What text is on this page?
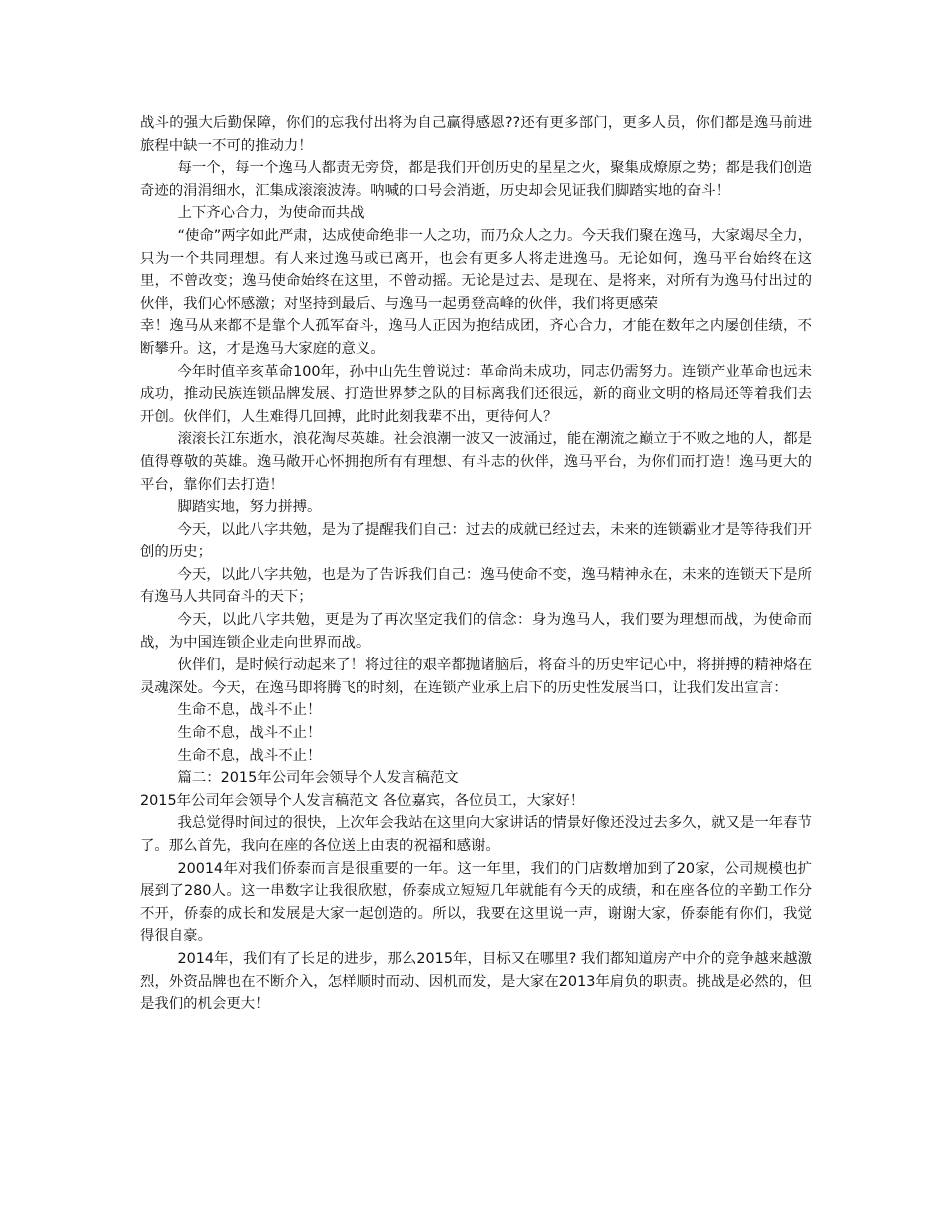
战斗的强大后勤保障，你们的忘我付出将为自己赢得感恩??还有更多部门，更多人员，你们都是逸马前进旅程中缺一不可的推动力！

每一个，每一个逸马人都责无旁贷，都是我们开创历史的星星之火，聚集成燎原之势；都是我们创造奇迹的涓涓细水，汇集成滚滚波涛。呐喊的口号会消逝，历史却会见证我们脚踏实地的奋斗！

上下齐心合力，为使命而共战

“使命”两字如此严肃，达成使命绝非一人之功，而乃众人之力。今天我们聚在逸马，大家竭尽全力，只为一个共同理想。有人来过逸马或已离开，也会有更多人将走进逸马。无论如何，逸马平台始终在这里，不曾改变；逸马使命始终在这里，不曾动摇。无论是过去、是现在、是将来，对所有为逸马付出过的伙伴，我们心怀感激；对坚持到最后、与逸马一起勇登高峰的伙伴，我们将更感荣

幸！逸马从来都不是靠个人孤军奋斗，逸马人正因为抱结成团，齐心合力，才能在数年之内屡创佳绩，不断攀升。这，才是逸马大家庭的意义。

今年时值辛亥革命100年，孙中山先生曾说过：革命尚未成功，同志仍需努力。连锁产业革命也远未成功，推动民族连锁品牌发展、打造世界梦之队的目标离我们还很远，新的商业文明的格局还等着我们去开创。伙伴们，人生难得几回搏，此时此刻我辈不出，更待何人？

滚滚长江东逝水，浪花淘尽英雄。社会浪潮一波又一波涌过，能在潮流之巅立于不败之地的人，都是值得尊敬的英雄。逸马敞开心怀拥抱所有有理想、有斗志的伙伴，逸马平台，为你们而打造！逸马更大的平台，靠你们去打造！

脚踏实地，努力拼搏。

今天，以此八字共勉，是为了提醒我们自己：过去的成就已经过去，未来的连锁霸业才是等待我们开创的历史；

今天，以此八字共勉，也是为了告诉我们自己：逸马使命不变，逸马精神永在，未来的连锁天下是所有逸马人共同奋斗的天下；

今天，以此八字共勉，更是为了再次坚定我们的信念：身为逸马人，我们要为理想而战，为使命而战，为中国连锁企业走向世界而战。

伙伴们，是时候行动起来了！将过往的艰辛都抛诸脑后，将奋斗的历史牢记心中，将拼搏的精神烙在灵魂深处。今天，在逸马即将腾飞的时刻，在连锁产业承上启下的历史性发展当口，让我们发出宣言：

生命不息，战斗不止！

生命不息，战斗不止！

生命不息，战斗不止！

篇二：2015年公司年会领导个人发言稿范文

2015年公司年会领导个人发言稿范文 各位嘉宾，各位员工，大家好！

我总觉得时间过的很快，上次年会我站在这里向大家讲话的情景好像还没过去多久，就又是一年春节了。那么首先，我向在座的各位送上由衷的祝福和感谢。

20014年对我们侨泰而言是很重要的一年。这一年里，我们的门店数增加到了20家，公司规模也扩展到了280人。这一串数字让我很欣慰，侨泰成立短短几年就能有今天的成绩，和在座各位的辛勤工作分不开，侨泰的成长和发展是大家一起创造的。所以，我要在这里说一声，谢谢大家，侨泰能有你们，我觉得很自豪。

2014年，我们有了长足的进步，那么2015年，目标又在哪里? 我们都知道房产中介的竞争越来越激烈，外资品牌也在不断介入，怎样顺时而动、因机而发，是大家在2013年肩负的职责。挑战是必然的，但是我们的机会更大！
